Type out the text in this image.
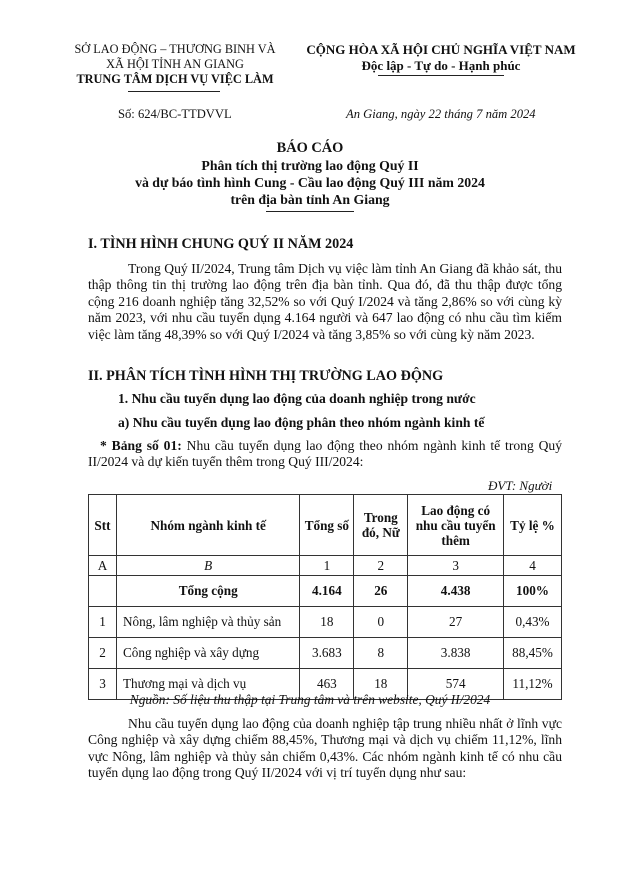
SỞ LAO ĐỘNG – THƯƠNG BINH VÀ
XÃ HỘI TỈNH AN GIANG
TRUNG TÂM DỊCH VỤ VIỆC LÀM
CỘNG HÒA XÃ HỘI CHỦ NGHĨA VIỆT NAM
Độc lập - Tự do - Hạnh phúc
Số: 624/BC-TTDVVL	An Giang, ngày 22 tháng 7 năm 2024
BÁO CÁO
Phân tích thị trường lao động Quý II
và dự báo tình hình Cung - Cầu lao động Quý III năm 2024
trên địa bàn tỉnh An Giang
I. TÌNH HÌNH CHUNG QUÝ II NĂM 2024
Trong Quý II/2024, Trung tâm Dịch vụ việc làm tỉnh An Giang đã khảo sát, thu thập thông tin thị trường lao động trên địa bàn tỉnh. Qua đó, đã thu thập được tổng cộng 216 doanh nghiệp tăng 32,52% so với Quý I/2024 và tăng 2,86% so với cùng kỳ năm 2023, với nhu cầu tuyển dụng 4.164 người và 647 lao động có nhu cầu tìm kiếm việc làm tăng 48,39% so với Quý I/2024 và tăng 3,85% so với cùng kỳ năm 2023.
II. PHÂN TÍCH TÌNH HÌNH THỊ TRƯỜNG LAO ĐỘNG
1. Nhu cầu tuyển dụng lao động của doanh nghiệp trong nước
a) Nhu cầu tuyển dụng lao động phân theo nhóm ngành kinh tế
* Bảng số 01: Nhu cầu tuyển dụng lao động theo nhóm ngành kinh tế trong Quý II/2024 và dự kiến tuyển thêm trong Quý III/2024:
ĐVT: Người
Stt	Nhóm ngành kinh tế	Tổng số	Trong đó, Nữ	Lao động có nhu cầu tuyển thêm	Tỷ lệ %
A	B	1	2	3	4
	Tổng cộng	4.164	26	4.438	100%
1	Nông, lâm nghiệp và thủy sản	18	0	27	0,43%
2	Công nghiệp và xây dựng	3.683	8	3.838	88,45%
3	Thương mại và dịch vụ	463	18	574	11,12%
Nguồn: Số liệu thu thập tại Trung tâm và trên website, Quý II/2024
Nhu cầu tuyển dụng lao động của doanh nghiệp tập trung nhiều nhất ở lĩnh vực Công nghiệp và xây dựng chiếm 88,45%, Thương mại và dịch vụ chiếm 11,12%, lĩnh vực Nông, lâm nghiệp và thủy sản chiếm 0,43%. Các nhóm ngành kinh tế có nhu cầu tuyển dụng lao động trong Quý II/2024 với vị trí tuyển dụng như sau:
